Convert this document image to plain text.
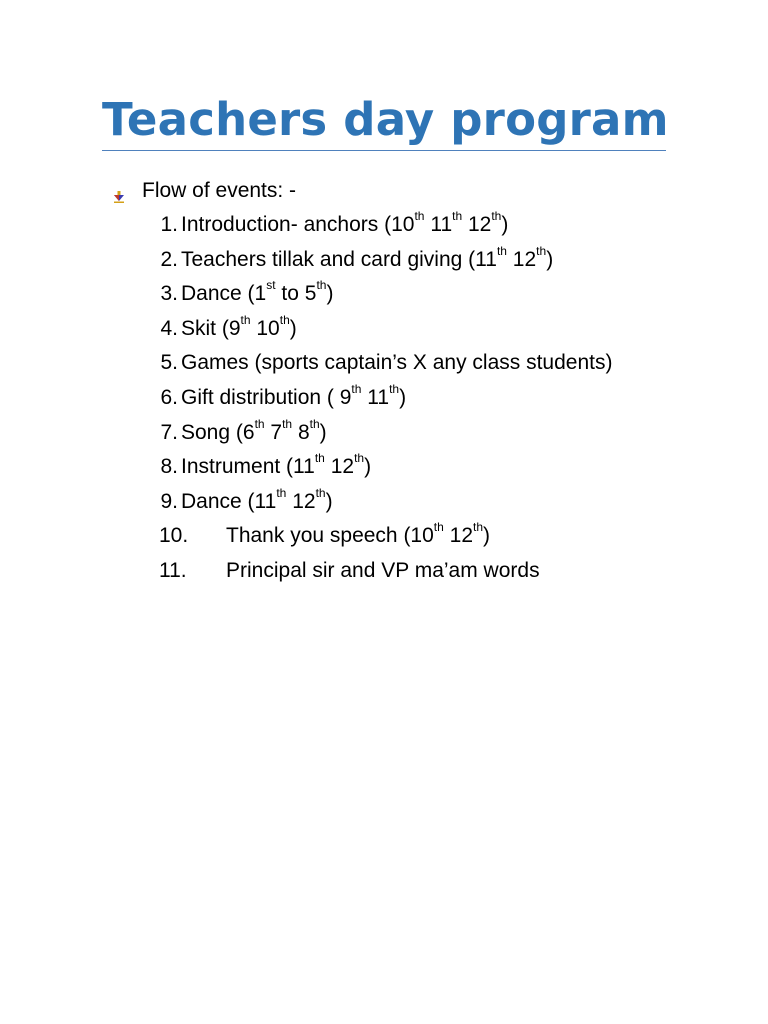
Teachers day program
Flow of events: -
1. Introduction- anchors (10th 11th 12th)
2. Teachers tillak and card giving (11th 12th)
3. Dance (1st to 5th)
4. Skit (9th 10th)
5. Games (sports captain’s X any class students)
6. Gift distribution ( 9th 11th)
7. Song (6th 7th 8th)
8. Instrument (11th 12th)
9. Dance (11th 12th)
10.	Thank you speech (10th 12th)
11.	Principal sir and VP ma’am words
